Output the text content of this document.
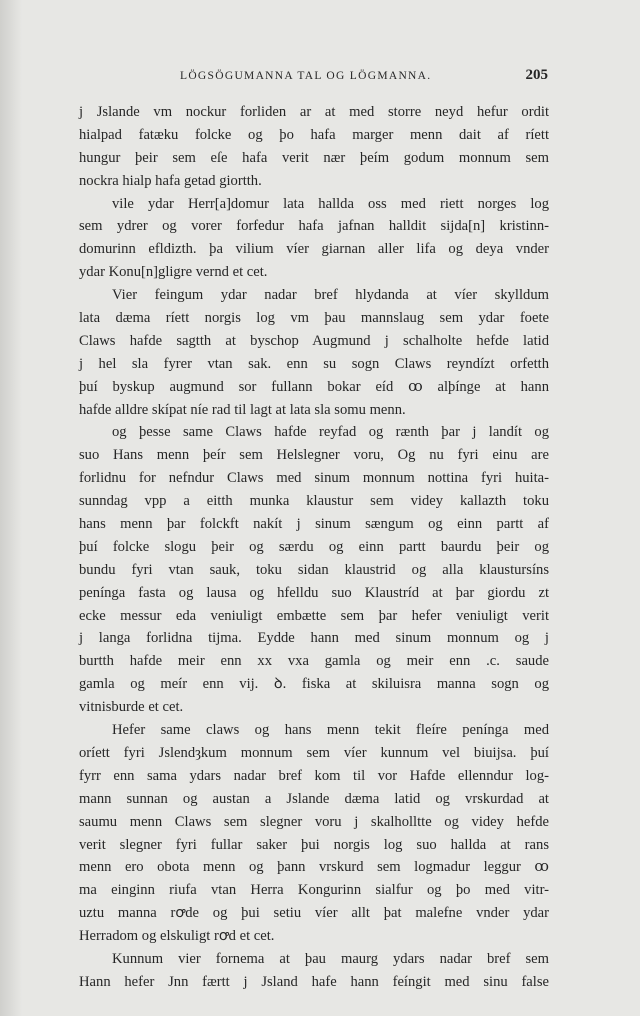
LÖGSÖGUMANNA TAL OG LÖGMANNA.	205
j Jslande vm nockur forliden ar at med storre neyd hefur ordit
hialpad fatæku folcke og þo hafa marger menn dait af ríett
hungur þeir sem eſe hafa verit nær þeím godum monnum sem
nockra hialp hafa getad giortth.
vile ydar Herr[a]domur lata hallda oss med riett norges log
sem ydrer og vorer forfedur hafa jafnan halldit sijda[n] kristinn-
domurinn efldizth. þa vilium víer giarnan aller lifa og deya vnder
ydar Konu[n]gligre vernd et cet.
Vier feingum ydar nadar bref hlydanda at víer skylldum
lata dæma ríett norgis log vm þau mannslaug sem ydar foete
Claws hafde sagtth at byschop Augmund j schalholte hefde latid
j hel sla fyrer vtan sak. enn su sogn Claws reyndízt orfetth
þuí byskup augmund sor fullann bokar eíd ꝏ alþínge at hann
hafde alldre skípat níe rad til lagt at lata sla somu menn.
og þesse same Claws hafde reyfad og rænth þar j landít og
suo Hans menn þeír sem Helslegner voru, Og nu fyri einu are
forlidnu for nefndur Claws med sinum monnum nottina fyri huita-
sunndag vpp a eitth munka klaustur sem videy kallazth toku
hans menn þar folckft nakít j sinum sængum og einn partt af
þuí folcke slogu þeir og særdu og einn partt baurdu þeir og
bundu fyri vtan sauk, toku sidan klaustrid og alla klaustursíns
penínga fasta og lausa og hfelldu suo Klaustríd at þar giordu zt
ecke messur eda veniuligt embætte sem þar hefer veniuligt verit
j langa forlidna tijma. Eydde hann med sinum monnum og j
burtth hafde meir enn xx vxa gamla og meir enn .c. saude
gamla og meír enn vij. ꝺ. fiska at skiluisra manna sogn og
vitnisburde et cet.
Hefer same claws og hans menn tekit fleíre penínga med
oríett fyri Jslendȝkum monnum sem víer kunnum vel biuijsa. þuí
fyrr enn sama ydars nadar bref kom til vor Hafde ellenndur log-
mann sunnan og austan a Jslande dæma latid og vrskurdad at
saumu menn Claws sem slegner voru j skalholltte og videy hefde
verit slegner fyri fullar saker þui norgis log suo hallda at rans
menn ero obota menn og þann vrskurd sem logmadur leggur ꝏ
ma einginn riufa vtan Herra Kongurinn sialfur og þo med vitr-
uztu manna rꝍde og þui setiu víer allt þat malefne vnder ydar
Herradom og elskuligt rꝍd et cet.
Kunnum vier fornema at þau maurg ydars nadar bref sem
Hann hefer Jnn færtt j Jsland hafe hann feíngit med sinu false
